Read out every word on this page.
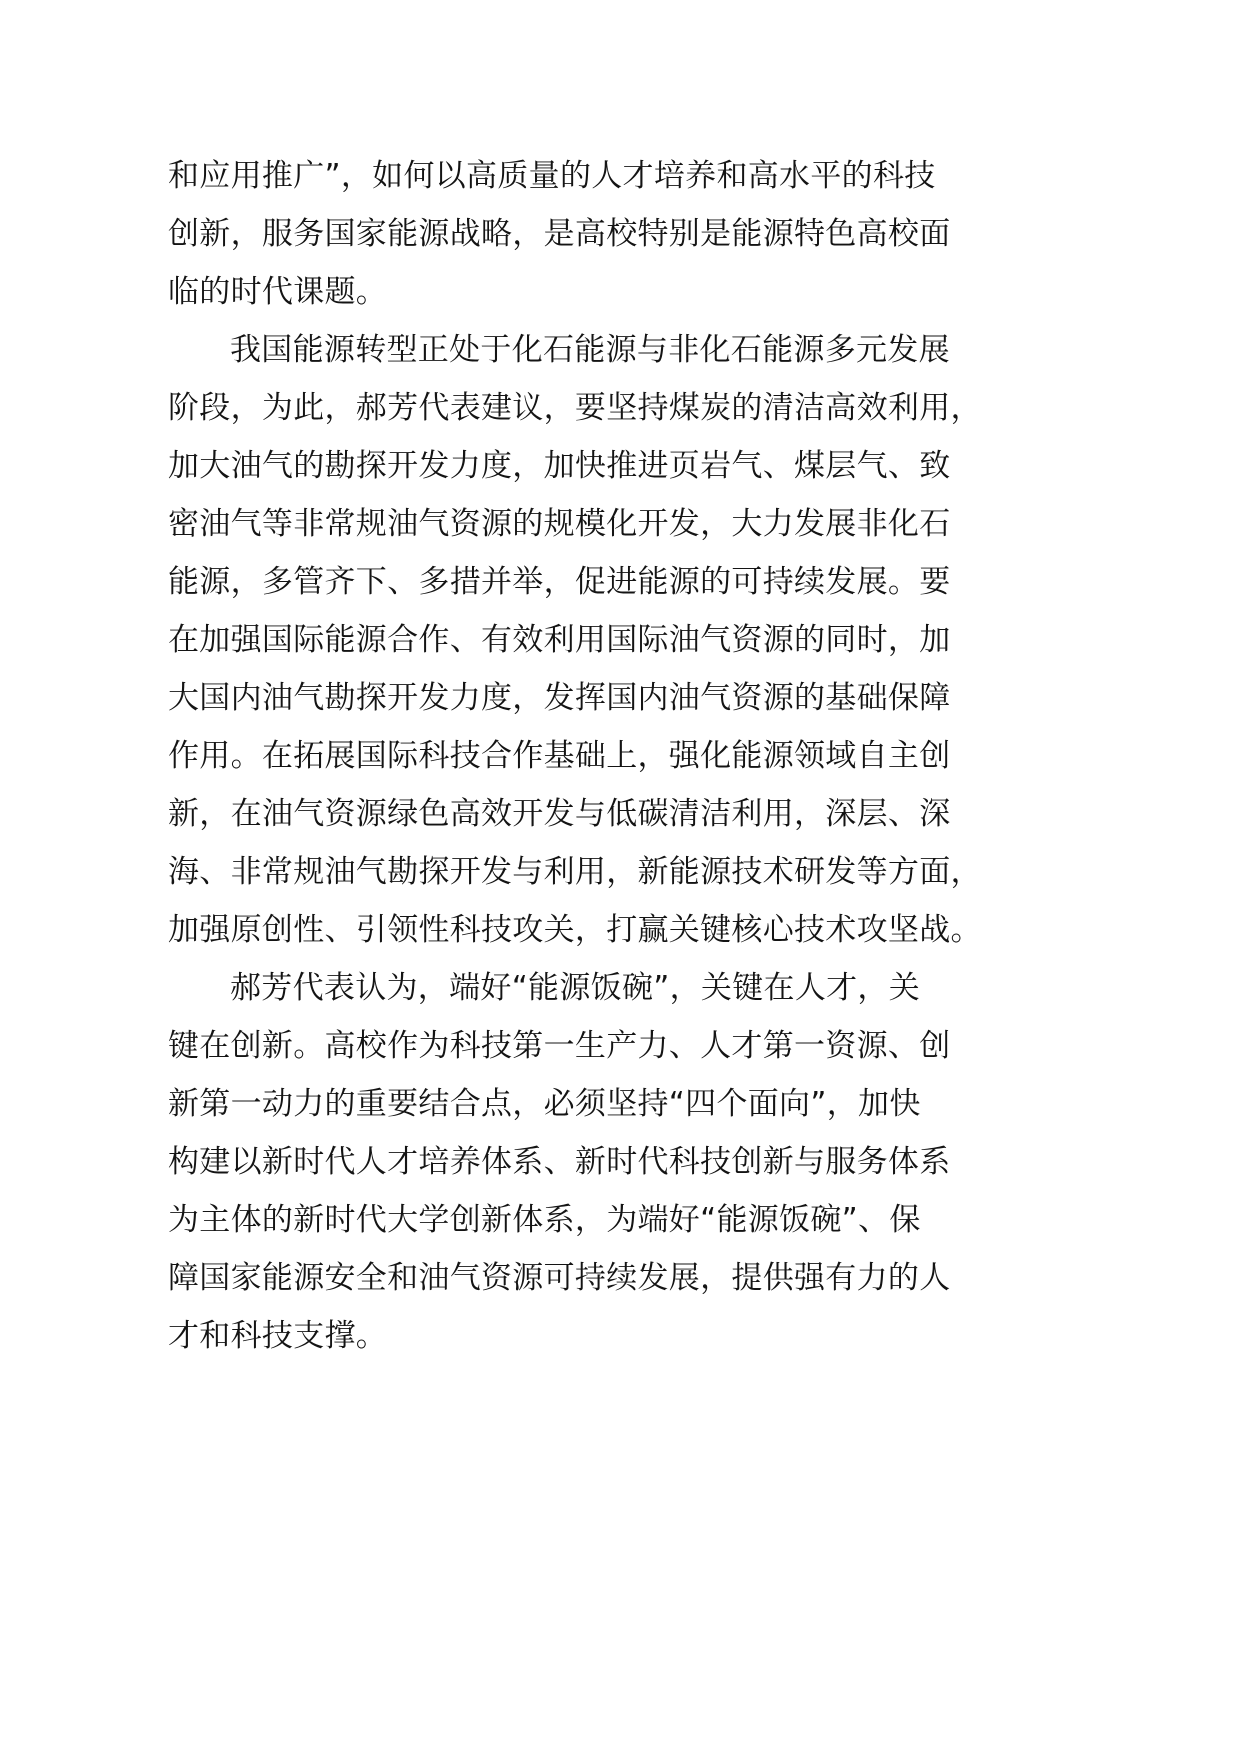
和应用推广”，如何以高质量的人才培养和高水平的科技
创新，服务国家能源战略，是高校特别是能源特色高校面
临的时代课题。
我国能源转型正处于化石能源与非化石能源多元发展
阶段，为此，郝芳代表建议，要坚持煤炭的清洁高效利用，
加大油气的勘探开发力度，加快推进页岩气、煤层气、致
密油气等非常规油气资源的规模化开发，大力发展非化石
能源，多管齐下、多措并举，促进能源的可持续发展。要
在加强国际能源合作、有效利用国际油气资源的同时，加
大国内油气勘探开发力度，发挥国内油气资源的基础保障
作用。在拓展国际科技合作基础上，强化能源领域自主创
新，在油气资源绿色高效开发与低碳清洁利用，深层、深
海、非常规油气勘探开发与利用，新能源技术研发等方面，
加强原创性、引领性科技攻关，打赢关键核心技术攻坚战。
郝芳代表认为，端好“能源饭碗”，关键在人才，关
键在创新。高校作为科技第一生产力、人才第一资源、创
新第一动力的重要结合点，必须坚持“四个面向”，加快
构建以新时代人才培养体系、新时代科技创新与服务体系
为主体的新时代大学创新体系，为端好“能源饭碗”、保
障国家能源安全和油气资源可持续发展，提供强有力的人
才和科技支撑。
